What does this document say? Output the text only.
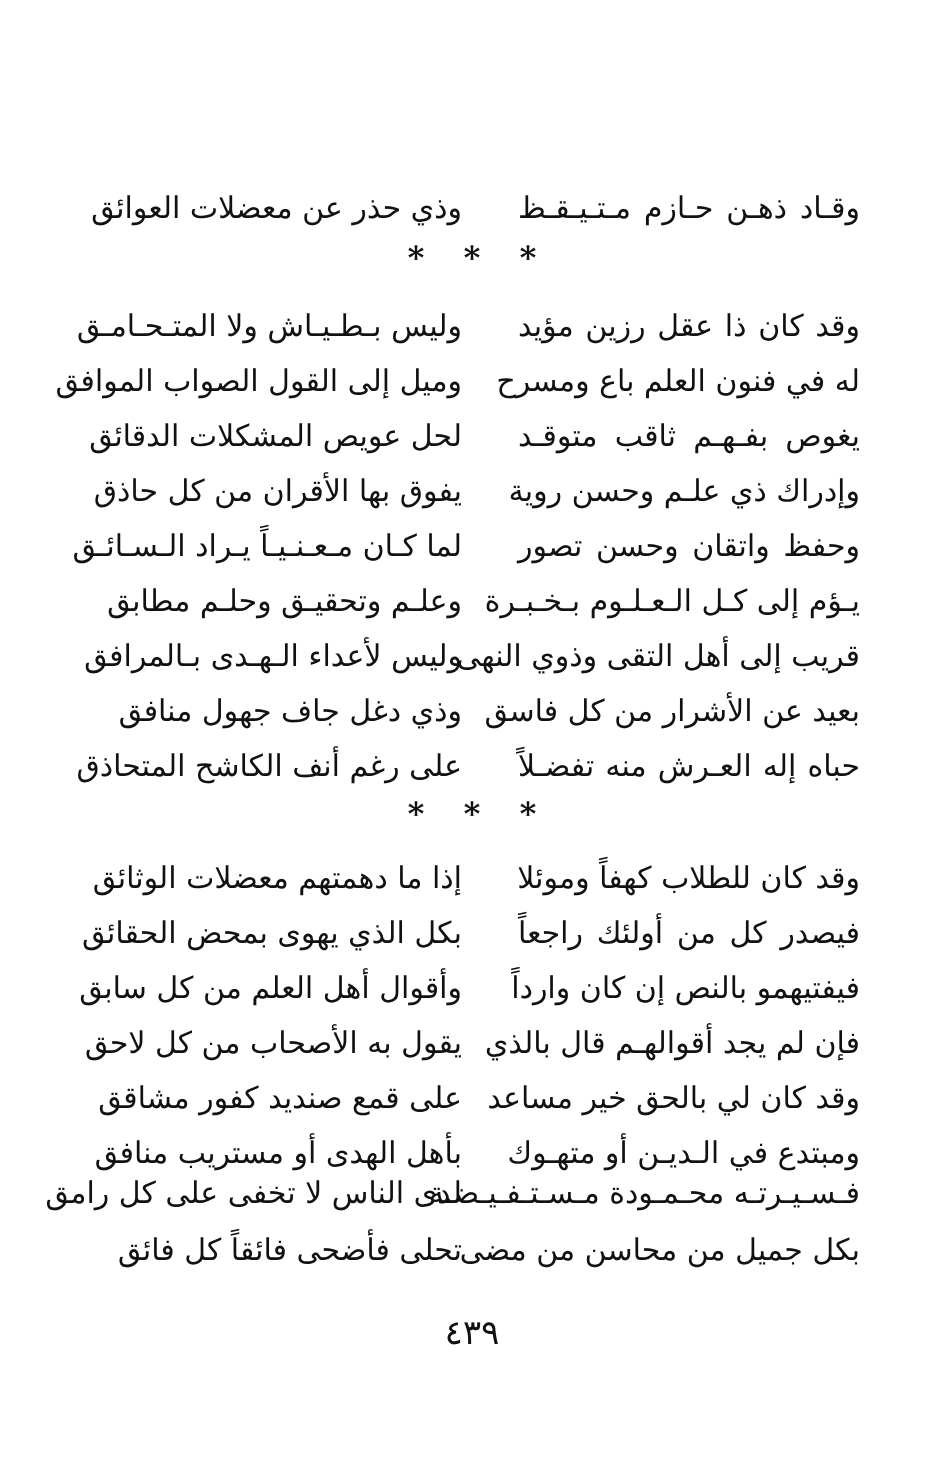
وقـاد ذهـن حـازم مـتـيـقـظ
وذي حذر عن معضلات العوائق
*
*
*
وقد كان ذا عقل رزين مؤيد
وليس بـطـيـاش ولا المتـحـامـق
له في فنون العلم باع ومسرح
وميل إلى القول الصواب الموافق
يغوص بفـهـم ثاقب متوقـد
لحل عويص المشكلات الدقائق
وإدراك ذي علـم وحسن روية
يفوق بها الأقران من كل حاذق
وحفظ واتقان وحسن تصور
لما كـان مـعـنـيـاً يـراد الـسـائـق
يـؤم إلى كـل الـعـلـوم بـخـبـرة
وعلـم وتحقيـق وحلـم مطابق
قريب إلى أهل التقى وذوي النهى
وليس لأعداء الـهـدى بـالمرافق
بعيد عن الأشرار من كل فاسق
وذي دغل جاف جهول منافق
حباه إله العـرش منه تفضـلاً
على رغم أنف الكاشح المتحاذق
*
*
*
وقد كان للطلاب كهفاً وموئلا
إذا ما دهمتهم معضلات الوثائق
فيصدر كل من أولئك راجعاً
بكل الذي يهوى بمحض الحقائق
فيفتيهمو بالنص إن كان وارداً
وأقوال أهل العلم من كل سابق
فإن لم يجد أقوالهـم قال بالذي
يقول به الأصحاب من كل لاحق
وقد كان لي بالحق خير مساعد
على قمع صنديد كفور مشاقق
ومبتدع في الـديـن أو متهـوك
بأهل الهدى أو مستريب منافق
فـسـيـرتـه محـمـودة مـسـتـفـيـضـة
لدى الناس لا تخفى على كل رامق
بكل جميل من محاسن من مضى
تحلى فأضحى فائقاً كل فائق
٤٣٩
